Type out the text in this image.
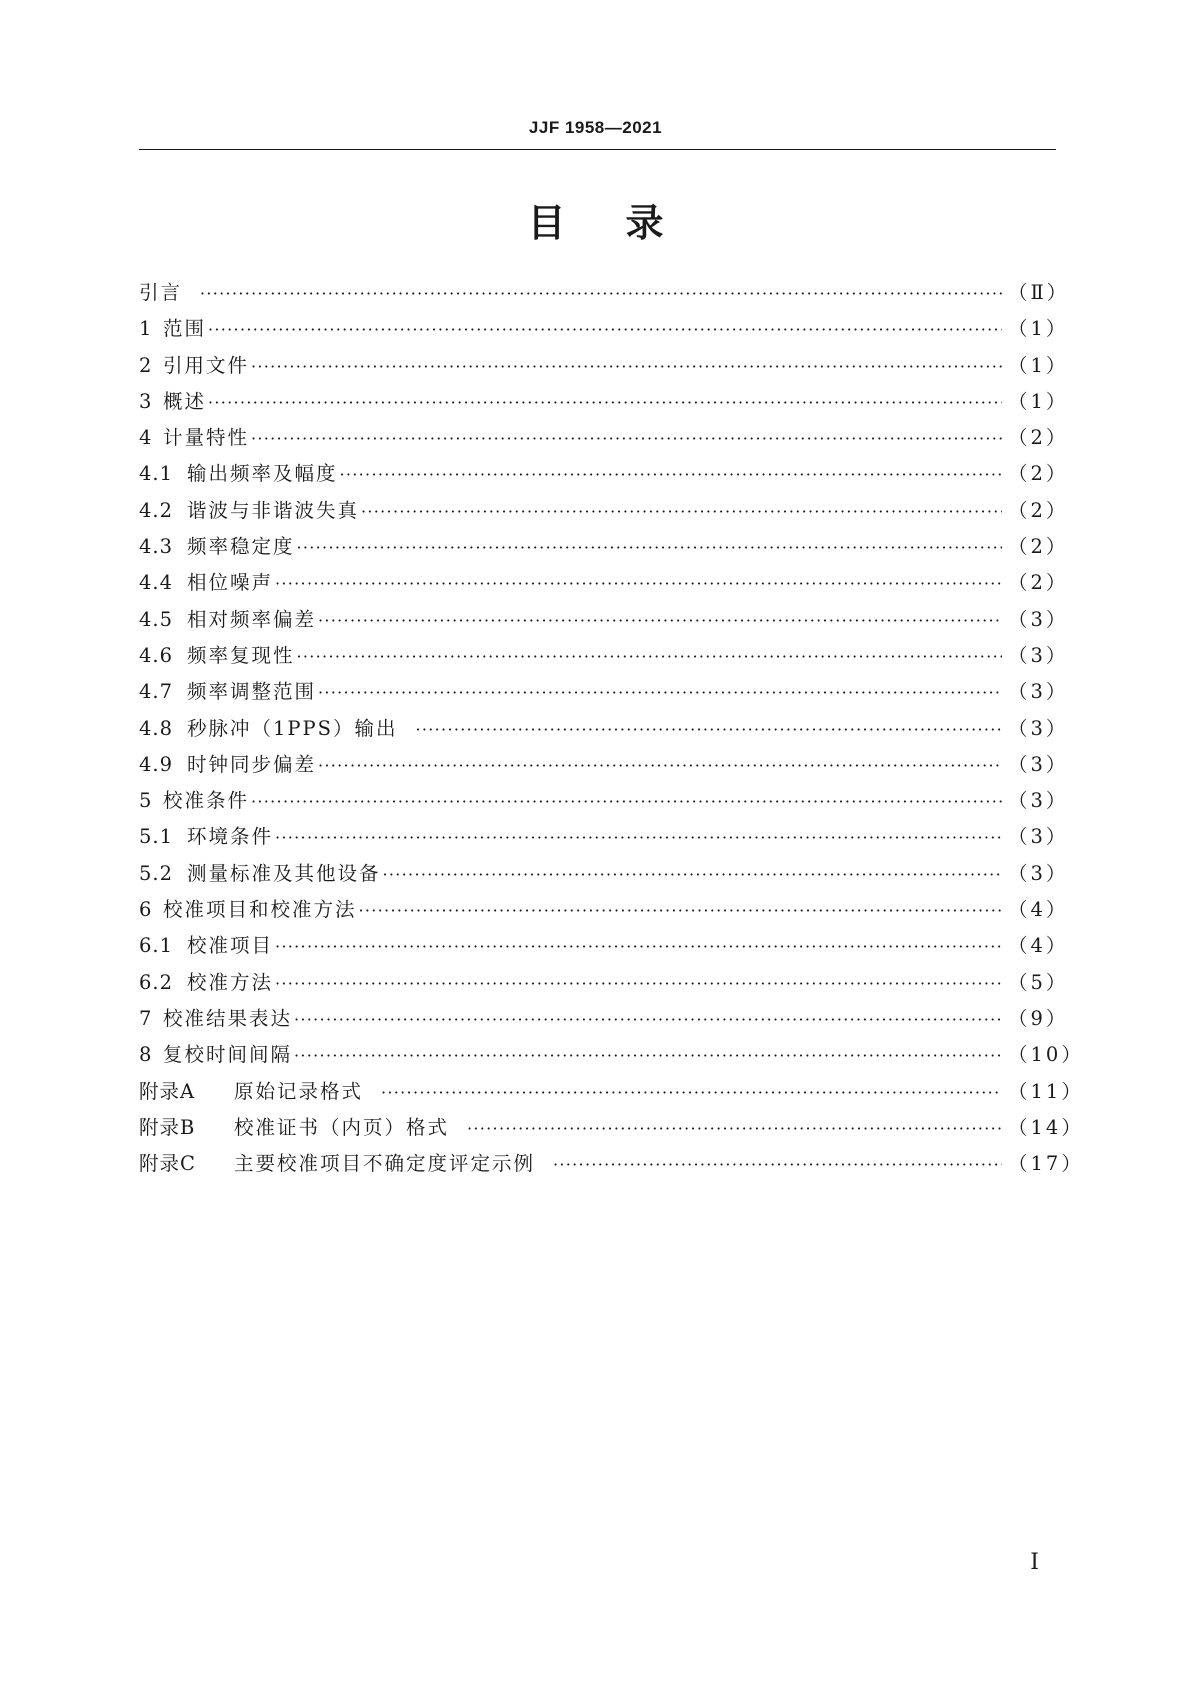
JJF 1958—2021
目录
引言 ·····	（Ⅱ）
1 范围 ·····	（1）
2 引用文件 ·····	（1）
3 概述 ·····	（1）
4 计量特性 ·····	（2）
4.1 输出频率及幅度 ·····	（2）
4.2 谐波与非谐波失真 ·····	（2）
4.3 频率稳定度 ·····	（2）
4.4 相位噪声 ·····	（2）
4.5 相对频率偏差 ·····	（3）
4.6 频率复现性 ·····	（3）
4.7 频率调整范围 ·····	（3）
4.8 秒脉冲（1PPS）输出 ·····	（3）
4.9 时钟同步偏差 ·····	（3）
5 校准条件 ·····	（3）
5.1 环境条件 ·····	（3）
5.2 测量标准及其他设备 ·····	（3）
6 校准项目和校准方法 ·····	（4）
6.1 校准项目 ·····	（4）
6.2 校准方法 ·····	（5）
7 校准结果表达 ·····	（9）
8 复校时间间隔 ·····	（10）
附录A	原始记录格式 ·····	（11）
附录B	校准证书（内页）格式 ·····	（14）
附录C	主要校准项目不确定度评定示例 ·····	（17）
Ⅰ
